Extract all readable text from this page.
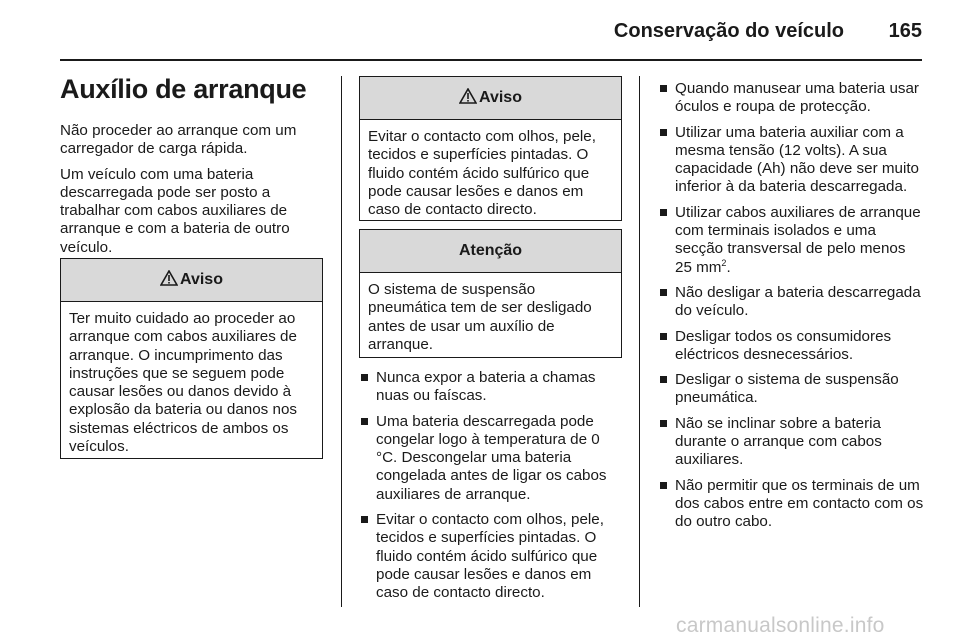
Conservação do veículo 165
Auxílio de arranque

Não proceder ao arranque com um carregador de carga rápida.

Um veículo com uma bateria descarregada pode ser posto a trabalhar com cabos auxiliares de arranque e com a bateria de outro veículo.

Aviso
Ter muito cuidado ao proceder ao arranque com cabos auxiliares de arranque. O incumprimento das instruções que se seguem pode causar lesões ou danos devido à explosão da bateria ou danos nos sistemas eléctricos de ambos os veículos.
Aviso
Evitar o contacto com olhos, pele, tecidos e superfícies pintadas. O fluido contém ácido sulfúrico que pode causar lesões e danos em caso de contacto directo.
Atenção
O sistema de suspensão pneumática tem de ser desligado antes de usar um auxílio de arranque.
Nunca expor a bateria a chamas nuas ou faíscas.
Uma bateria descarregada pode congelar logo à temperatura de 0 °C. Descongelar uma bateria congelada antes de ligar os cabos auxiliares de arranque.
Evitar o contacto com olhos, pele, tecidos e superfícies pintadas. O fluido contém ácido sulfúrico que pode causar lesões e danos em caso de contacto directo.
Quando manusear uma bateria usar óculos e roupa de protecção.
Utilizar uma bateria auxiliar com a mesma tensão (12 volts). A sua capacidade (Ah) não deve ser muito inferior à da bateria descarregada.
Utilizar cabos auxiliares de arranque com terminais isolados e uma secção transversal de pelo menos 25 $mm^2$.
Não desligar a bateria descarregada do veículo.
Desligar todos os consumidores eléctricos desnecessários.
Desligar o sistema de suspensão pneumática.
Não se inclinar sobre a bateria durante o arranque com cabos auxiliares.
Não permitir que os terminais de um dos cabos entre em contacto com os do outro cabo.
carmanualsonline.info
